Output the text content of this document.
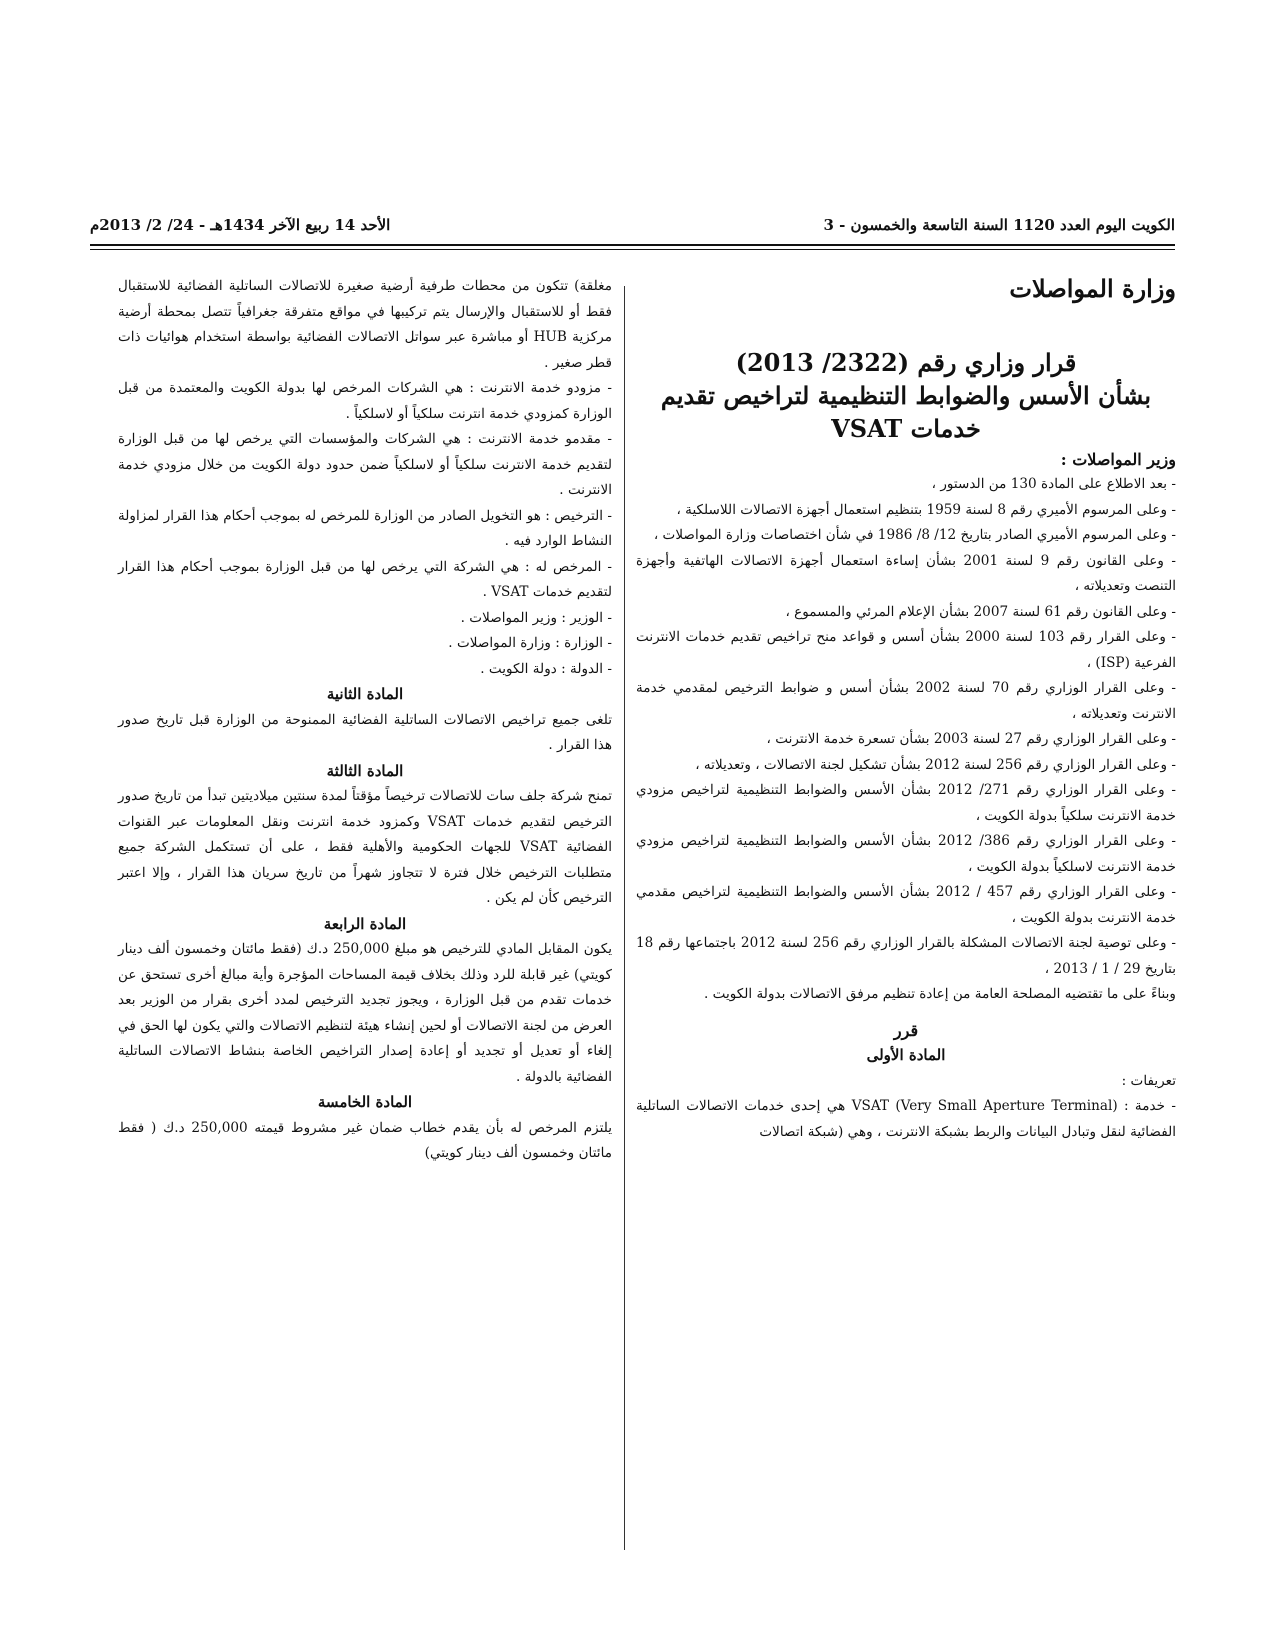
الكويت اليوم العدد 1120 السنة التاسعة والخمسون - 3
الأحد 14 ربيع الآخر 1434هـ - 24/ 2/ 2013م

وزارة المواصلات

قرار وزاري رقم (2322/ 2013)

بشأن الأسس والضوابط التنظيمية لتراخيص تقديم خدمات VSAT

وزير المواصلات :

- بعد الاطلاع على المادة 130 من الدستور ،

- وعلى المرسوم الأميري رقم 8 لسنة 1959 بتنظيم استعمال أجهزة الاتصالات اللاسلكية ،

- وعلى المرسوم الأميري الصادر بتاريخ 12/ 8/ 1986 في شأن اختصاصات وزارة المواصلات ،

- وعلى القانون رقم 9 لسنة 2001 بشأن إساءة استعمال أجهزة الاتصالات الهاتفية وأجهزة التنصت وتعديلاته ،

- وعلى القانون رقم 61 لسنة 2007 بشأن الإعلام المرئي والمسموع ،

- وعلى القرار رقم 103 لسنة 2000 بشأن أسس و قواعد منح تراخيص تقديم خدمات الانترنت الفرعية (ISP) ،

- وعلى القرار الوزاري رقم 70 لسنة 2002 بشأن أسس و ضوابط الترخيص لمقدمي خدمة الانترنت وتعديلاته ،

- وعلى القرار الوزاري رقم 27 لسنة 2003 بشأن تسعرة خدمة الانترنت ،

- وعلى القرار الوزاري رقم 256 لسنة 2012 بشأن تشكيل لجنة الاتصالات ، وتعديلاته ،

- وعلى القرار الوزاري رقم 271/ 2012 بشأن الأسس والضوابط التنظيمية لتراخيص مزودي خدمة الانترنت سلكياً بدولة الكويت ،

- وعلى القرار الوزاري رقم 386/ 2012 بشأن الأسس والضوابط التنظيمية لتراخيص مزودي خدمة الانترنت لاسلكياً بدولة الكويت ،

- وعلى القرار الوزاري رقم 457 / 2012 بشأن الأسس والضوابط التنظيمية لتراخيص مقدمي خدمة الانترنت بدولة الكويت ،

- وعلى توصية لجنة الاتصالات المشكلة بالقرار الوزاري رقم 256 لسنة 2012 باجتماعها رقم 18 بتاريخ 29 / 1 / 2013 ،

وبناءً على ما تقتضيه المصلحة العامة من إعادة تنظيم مرفق الاتصالات بدولة الكويت .

قرر

المادة الأولى

تعريفات :

- خدمة : VSAT (Very Small Aperture Terminal) هي إحدى خدمات الاتصالات الساتلية الفضائية لنقل وتبادل البيانات والربط بشبكة الانترنت ، وهي (شبكة اتصالات

مغلقة) تتكون من محطات طرفية أرضية صغيرة للاتصالات الساتلية الفضائية للاستقبال فقط أو للاستقبال والإرسال يتم تركيبها في مواقع متفرقة جغرافياً تتصل بمحطة أرضية مركزية HUB أو مباشرة عبر سواتل الاتصالات الفضائية بواسطة استخدام هوائيات ذات قطر صغير .

- مزودو خدمة الانترنت : هي الشركات المرخص لها بدولة الكويت والمعتمدة من قبل الوزارة كمزودي خدمة انترنت سلكياً أو لاسلكياً .

- مقدمو خدمة الانترنت : هي الشركات والمؤسسات التي يرخص لها من قبل الوزارة لتقديم خدمة الانترنت سلكياً أو لاسلكياً ضمن حدود دولة الكويت من خلال مزودي خدمة الانترنت .

- الترخيص : هو التخويل الصادر من الوزارة للمرخص له بموجب أحكام هذا القرار لمزاولة النشاط الوارد فيه .

- المرخص له : هي الشركة التي يرخص لها من قبل الوزارة بموجب أحكام هذا القرار لتقديم خدمات VSAT .

- الوزير : وزير المواصلات .

- الوزارة : وزارة المواصلات .

- الدولة : دولة الكويت .

المادة الثانية

تلغى جميع تراخيص الاتصالات الساتلية الفضائية الممنوحة من الوزارة قبل تاريخ صدور هذا القرار .

المادة الثالثة

تمنح شركة جلف سات للاتصالات ترخيصاً مؤقتاً لمدة سنتين ميلاديتين تبدأ من تاريخ صدور الترخيص لتقديم خدمات VSAT وكمزود خدمة انترنت ونقل المعلومات عبر القنوات الفضائية VSAT للجهات الحكومية والأهلية فقط ، على أن تستكمل الشركة جميع متطلبات الترخيص خلال فترة لا تتجاوز شهراً من تاريخ سريان هذا القرار ، وإلا اعتبر الترخيص كأن لم يكن .

المادة الرابعة

يكون المقابل المادي للترخيص هو مبلغ 250,000 د.ك (فقط مائتان وخمسون ألف دينار كويتي) غير قابلة للرد وذلك بخلاف قيمة المساحات المؤجرة وأية مبالغ أخرى تستحق عن خدمات تقدم من قبل الوزارة ، ويجوز تجديد الترخيص لمدد أخرى بقرار من الوزير بعد العرض من لجنة الاتصالات أو لحين إنشاء هيئة لتنظيم الاتصالات والتي يكون لها الحق في إلغاء أو تعديل أو تجديد أو إعادة إصدار التراخيص الخاصة بنشاط الاتصالات الساتلية الفضائية بالدولة .

المادة الخامسة

يلتزم المرخص له بأن يقدم خطاب ضمان غير مشروط قيمته 250,000 د.ك ( فقط مائتان وخمسون ألف دينار كويتي)
